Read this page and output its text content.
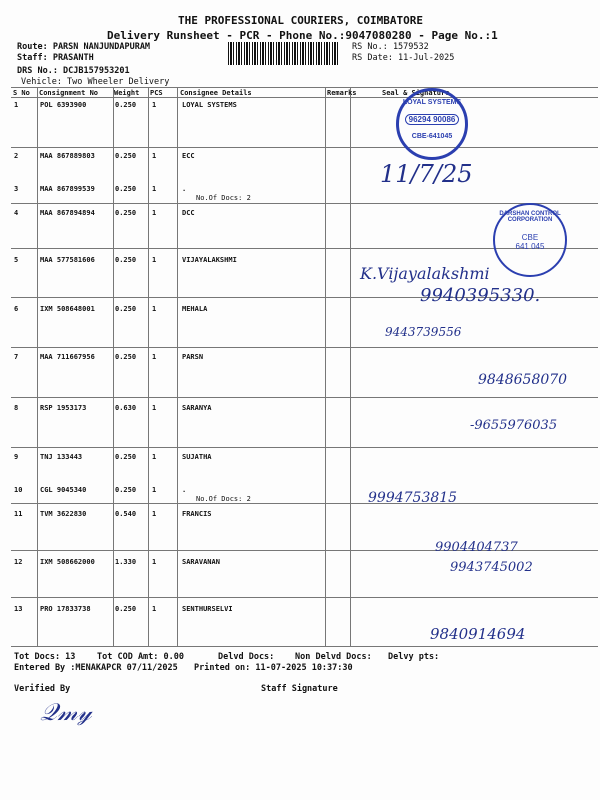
THE PROFESSIONAL COURIERS, COIMBATORE
Delivery Runsheet - PCR - Phone No.:9047080280 - Page No.:1
Route: PARSN NANJUNDAPURAM
Staff: PRASANTH
DRS No.: DCJB157953201
Vehicle: Two Wheeler Delivery
RS No.: 1579532
RS Date: 11-Jul-2025
S No Consignment No Weight PCS Consignee Details	Remarks	Seal & Signature
1	POL 6393900	0.250 1	LOYAL SYSTEMS
2	MAA 867889803	0.250 1	ECC
3	MAA 867899539	0.250 1	.
No.Of Docs: 2
4	MAA 867894894	0.250 1	DCC
5	MAA 577581606	0.250 1	VIJAYALAKSHMI
6	IXM 508648001	0.250 1	MEHALA
7	MAA 711667956	0.250 1	PARSN
8	RSP 1953173	0.630 1	SARANYA
9	TNJ 133443	0.250 1	SUJATHA
10	CGL 9045340	0.250 1	.
No.Of Docs: 2
11	TVM 3622830	0.540 1	FRANCIS
12	IXM 508662000	1.330 1	SARAVANAN
13	PRO 17833738	0.250 1	SENTHURSELVI
LOYAL SYSTEMS
96294 90086
CBE-641045
DARSHAN CONTROL CORPORATION
CBE
641 045
11/7/25
K.Vijayalakshmi
9940395330.
9443739556
9848658070
-9655976035
9994753815
9904404737
9943745002
9840914694
Tot Docs: 13	Tot COD Amt: 0.00	Delvd Docs: Non Delvd Docs: Delvy pts:
Entered By :MENAKAPCR 07/11/2025 Printed on: 11-07-2025 10:37:30
Verified By	Staff Signature
𝒬𝓂𝓎
